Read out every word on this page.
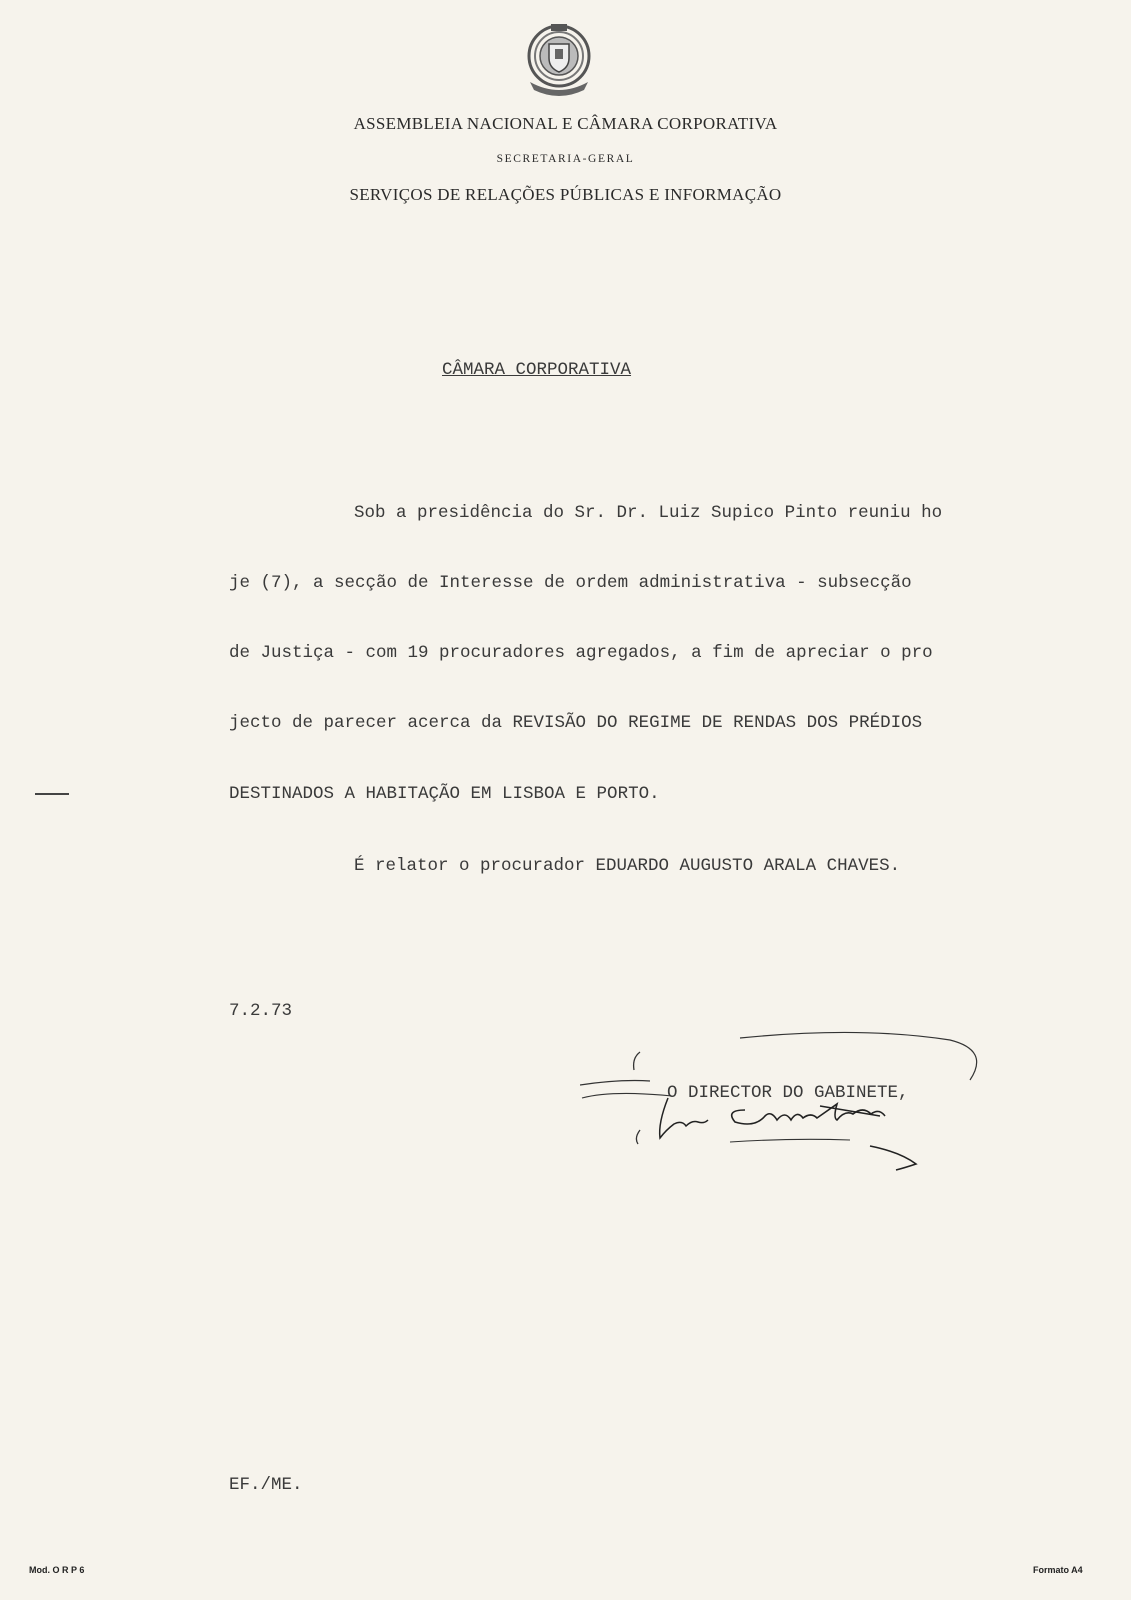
ASSEMBLEIA NACIONAL E CÂMARA CORPORATIVA
SECRETARIA-GERAL
SERVIÇOS DE RELAÇÕES PÚBLICAS E INFORMAÇÃO
CÂMARA CORPORATIVA
Sob a presidência do Sr. Dr. Luiz Supico Pinto reuniu ho
je (7), a secção de Interesse de ordem administrativa - subsecção
de Justiça - com 19 procuradores agregados, a fim de apreciar o pro
jecto de parecer acerca da REVISÃO DO REGIME DE RENDAS DOS PRÉDIOS
DESTINADOS A HABITAÇÃO EM LISBOA E PORTO.
É relator o procurador EDUARDO AUGUSTO ARALA CHAVES.
7.2.73
O DIRECTOR DO GABINETE,
EF./ME.
Mod. O R P 6	Formato A4
